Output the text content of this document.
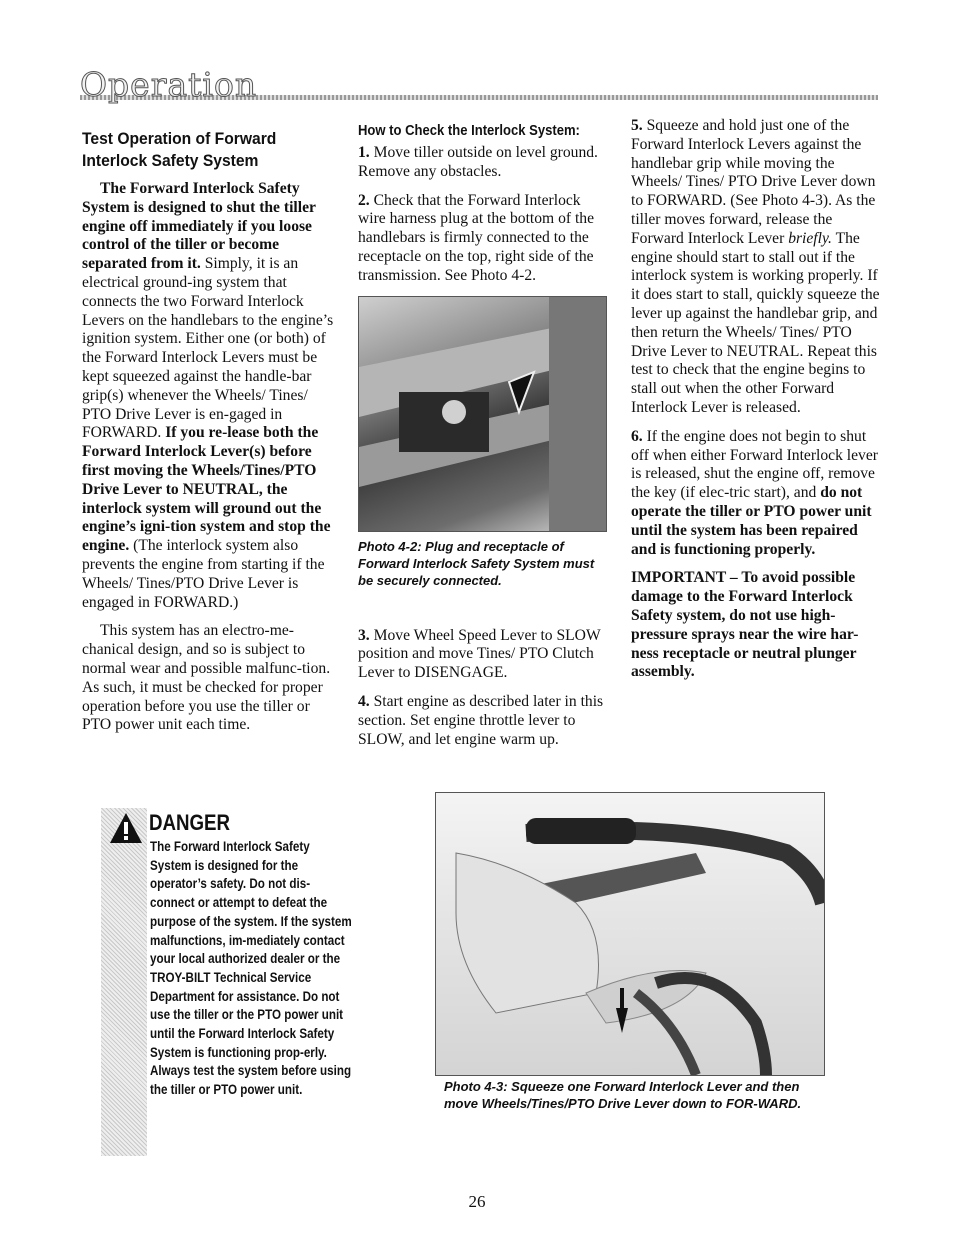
Operation
Test Operation of Forward Interlock Safety System

The Forward Interlock Safety System is designed to shut the tiller engine off immediately if you loose control of the tiller or become separated from it. Simply, it is an electrical ground-ing system that connects the two Forward Interlock Levers on the handlebars to the engine’s ignition system. Either one (or both) of the Forward Interlock Levers must be kept squeezed against the handle-bar grip(s) whenever the Wheels/ Tines/ PTO Drive Lever is en-gaged in FORWARD. If you re-lease both the Forward Interlock Lever(s) before first moving the Wheels/Tines/PTO Drive Lever to NEUTRAL, the interlock system will ground out the engine’s igni-tion system and stop the engine. (The interlock system also prevents the engine from starting if the Wheels/ Tines/PTO Drive Lever is engaged in FORWARD.)

This system has an electro-me-chanical design, and so is subject to normal wear and possible malfunc-tion. As such, it must be checked for proper operation before you use the tiller or PTO power unit each time.

How to Check the Interlock System:

1. Move tiller outside on level ground. Remove any obstacles.

2. Check that the Forward Interlock wire harness plug at the bottom of the handlebars is firmly connected to the receptacle on the top, right side of the transmission. See Photo 4-2.

Photo 4-2: Plug and receptacle of Forward Interlock Safety System must be securely connected.

3. Move Wheel Speed Lever to SLOW position and move Tines/ PTO Clutch Lever to DISENGAGE.

4. Start engine as described later in this section. Set engine throttle lever to SLOW, and let engine warm up.

5. Squeeze and hold just one of the Forward Interlock Levers against the handlebar grip while moving the Wheels/ Tines/ PTO Drive Lever down to FORWARD. (See Photo 4-3). As the tiller moves forward, release the Forward Interlock Lever briefly. The engine should start to stall out if the interlock system is working properly. If it does start to stall, quickly squeeze the lever up against the handlebar grip, and then return the Wheels/ Tines/ PTO Drive Lever to NEUTRAL. Repeat this test to check that the engine begins to stall out when the other Forward Interlock Lever is released.

6. If the engine does not begin to shut off when either Forward Interlock lever is released, shut the engine off, remove the key (if elec-tric start), and do not operate the tiller or PTO power unit until the system has been repaired and is functioning properly.

IMPORTANT – To avoid possible damage to the Forward Interlock Safety system, do not use high-pressure sprays near the wire har-ness receptacle or neutral plunger assembly.

DANGER
The Forward Interlock Safety System is designed for the operator’s safety. Do not dis-connect or attempt to defeat the purpose of the system. If the system malfunctions, im-mediately contact your local authorized dealer or the TROY-BILT Technical Service Department for assistance. Do not use the tiller or the PTO power unit until the Forward Interlock Safety System is functioning prop-erly. Always test the system before using the tiller or PTO power unit.	Photo 4-3: Squeeze one Forward Interlock Lever and then move Wheels/Tines/PTO Drive Lever down to FOR-WARD.
26
